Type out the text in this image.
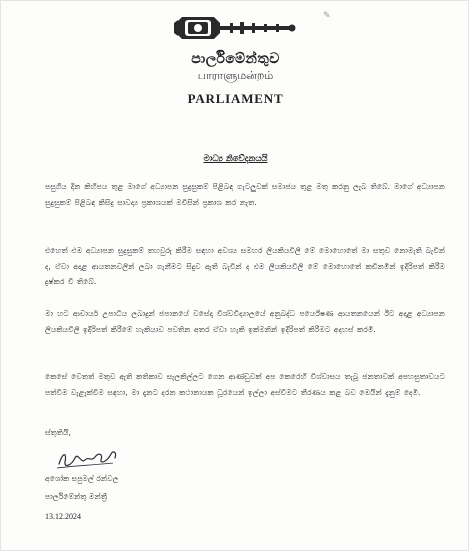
✎
පාර්ලිමේන්තුව
பாராளுமன்றம்
PARLIAMENT
මාධ්‍ය නිවේදනයයි

පසුගිය දින කිහිපය තුළ මාගේ අධ්‍යාපන සුදුසුකම් පිළිබඳ ගැටලුවක් සමාජය තුළ මතු කරනු ලැබ තිබේ. මාගේ අධ්‍යාපන සුදුසුකම් පිළිබඳ කිසිදු සාවද්‍ය ප්‍රකාශයක් මවිසින් ප්‍රකාශ කර නැත.

එහෙත් එම අධ්‍යාපන සුදුසුකම් තහවුරු කිරීම සඳහා අවශ්‍ය සමහර ලියකියවිලි මේ මොහොතේ මා සතුව නොමැති බැවින් ද, ඒවා අදාළ ආයතනවලින් ලබා ගැනීමට සිදුව ඇති බැවින් ද එම ලියකියවිලි මේ මොහොතේ කඩිනමින් ඉදිරිපත් කිරීම දුෂ්කර වී තිබේ.

මා හට ආචාර්ය උපාධිය ලබාදුන් ජපානයේ වසේදා විශ්වවිද්‍යාලයේ අනුබද්ධ පර්යේෂණ ආයතනයෙන් ඊට අදාළ අධ්‍යාපන ලියකියවිලි ඉදිරිපත් කිරීමේ හැකියාව පවතින අතර ඒවා හැකි ඉක්මනින් ඉදිරිපත් කිරීමට අදහස් කරමි.

කෙසේ වෙතත් මතුව ඇති කතිකාව සැලකිල්ලට ගෙන ආණ්ඩුවක් අප කෙරෙහි විශ්වාසය තැබූ ජනතාවක් අපහසුතාවයට පත්වීම වැළැක්වීම සඳහා, මා දැනට දරන කථානායක ධූරයෙන් ඉල්ලා අස්වීමට තීරණය කළ බව මෙයින් දැනුම් දෙමි.

ස්තුතියි,
අශෝක සපුමල් රන්වල
පාර්ලිමේන්තු මන්ත්‍රී
13.12.2024
